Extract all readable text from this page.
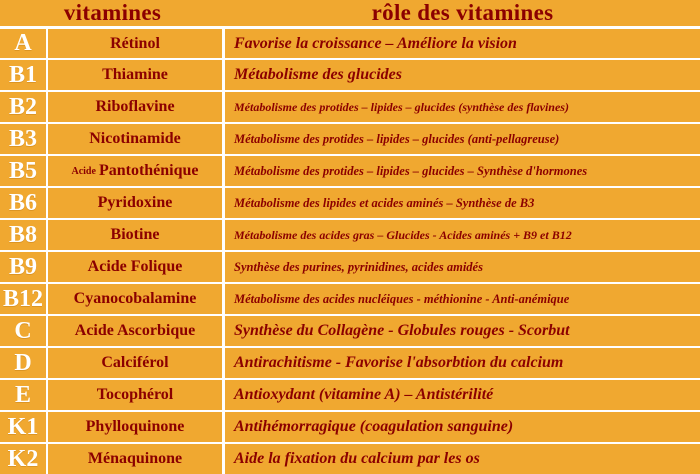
vitamines	rôle des vitamines
A	Rétinol	Favorise la croissance – Améliore la vision
B1	Thiamine	Métabolisme des glucides
B2	Riboflavine	Métabolisme des protides – lipides – glucides (synthèse des flavines)
B3	Nicotinamide	Métabolisme des protides – lipides – glucides (anti-pellagreuse)
B5	Acide Pantothénique	Métabolisme des protides – lipides – glucides – Synthèse d'hormones
B6	Pyridoxine	Métabolisme des lipides et acides aminés – Synthèse de B3
B8	Biotine	Métabolisme des acides gras – Glucides - Acides aminés + B9 et B12
B9	Acide Folique	Synthèse des purines, pyrinidines, acides amidés
B12	Cyanocobalamine	Métabolisme des acides nucléiques - méthionine - Anti-anémique
C	Acide Ascorbique	Synthèse du Collagène - Globules rouges - Scorbut
D	Calciférol	Antirachitisme - Favorise l'absorbtion du calcium
E	Tocophérol	Antioxydant (vitamine A) – Antistérilité
K1	Phylloquinone	Antihémorragique (coagulation sanguine)
K2	Ménaquinone	Aide la fixation du calcium par les os
